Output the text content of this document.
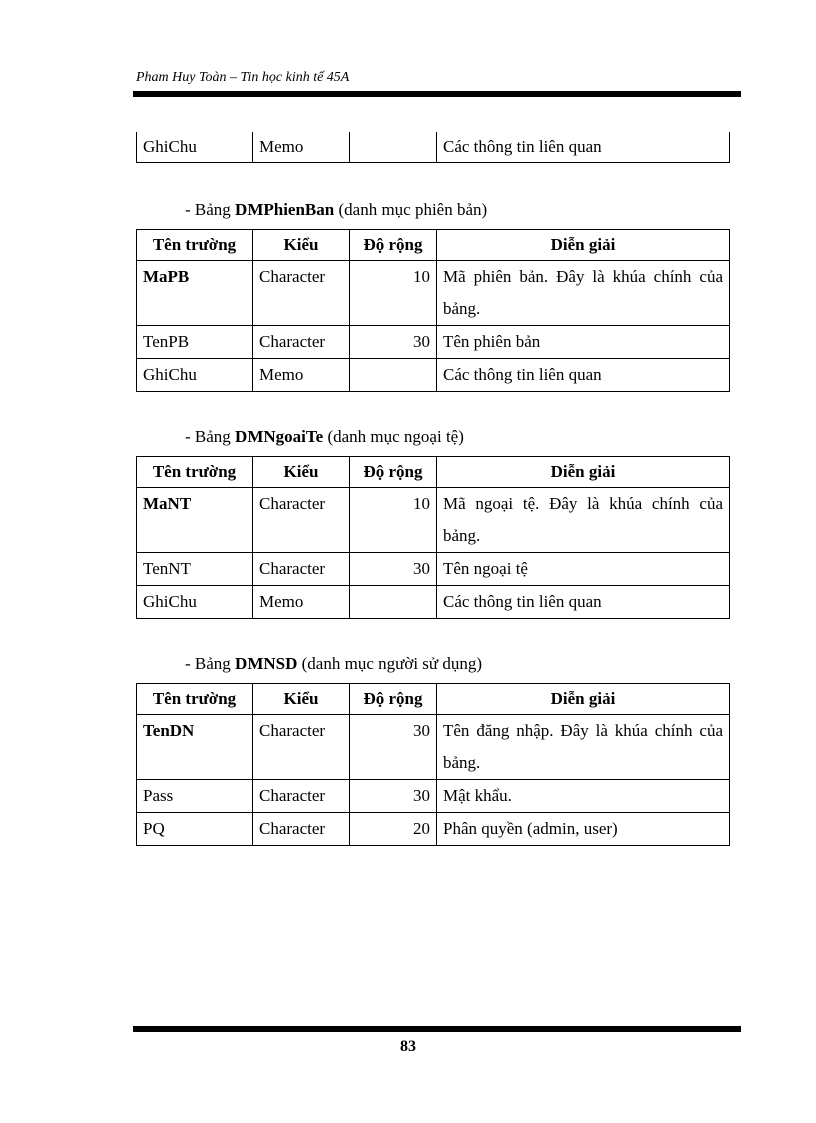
Pham Huy Toàn – Tin học kinh tế 45A
GhiChu	Memo		Các thông tin liên quan
- Bảng DMPhienBan (danh mục phiên bản)
Tên trường	Kiểu	Độ rộng	Diễn giải
MaPB	Character	10	Mã phiên bản. Đây là khúa chính của bảng.
TenPB	Character	30	Tên phiên bản
GhiChu	Memo		Các thông tin liên quan
- Bảng DMNgoaiTe (danh mục ngoại tệ)
Tên trường	Kiểu	Độ rộng	Diễn giải
MaNT	Character	10	Mã ngoại tệ. Đây là khúa chính của bảng.
TenNT	Character	30	Tên ngoại tệ
GhiChu	Memo		Các thông tin liên quan
- Bảng DMNSD (danh mục người sử dụng)
Tên trường	Kiểu	Độ rộng	Diễn giải
TenDN	Character	30	Tên đăng nhập. Đây là khúa chính của bảng.
Pass	Character	30	Mật khẩu.
PQ	Character	20	Phân quyền (admin, user)
83
